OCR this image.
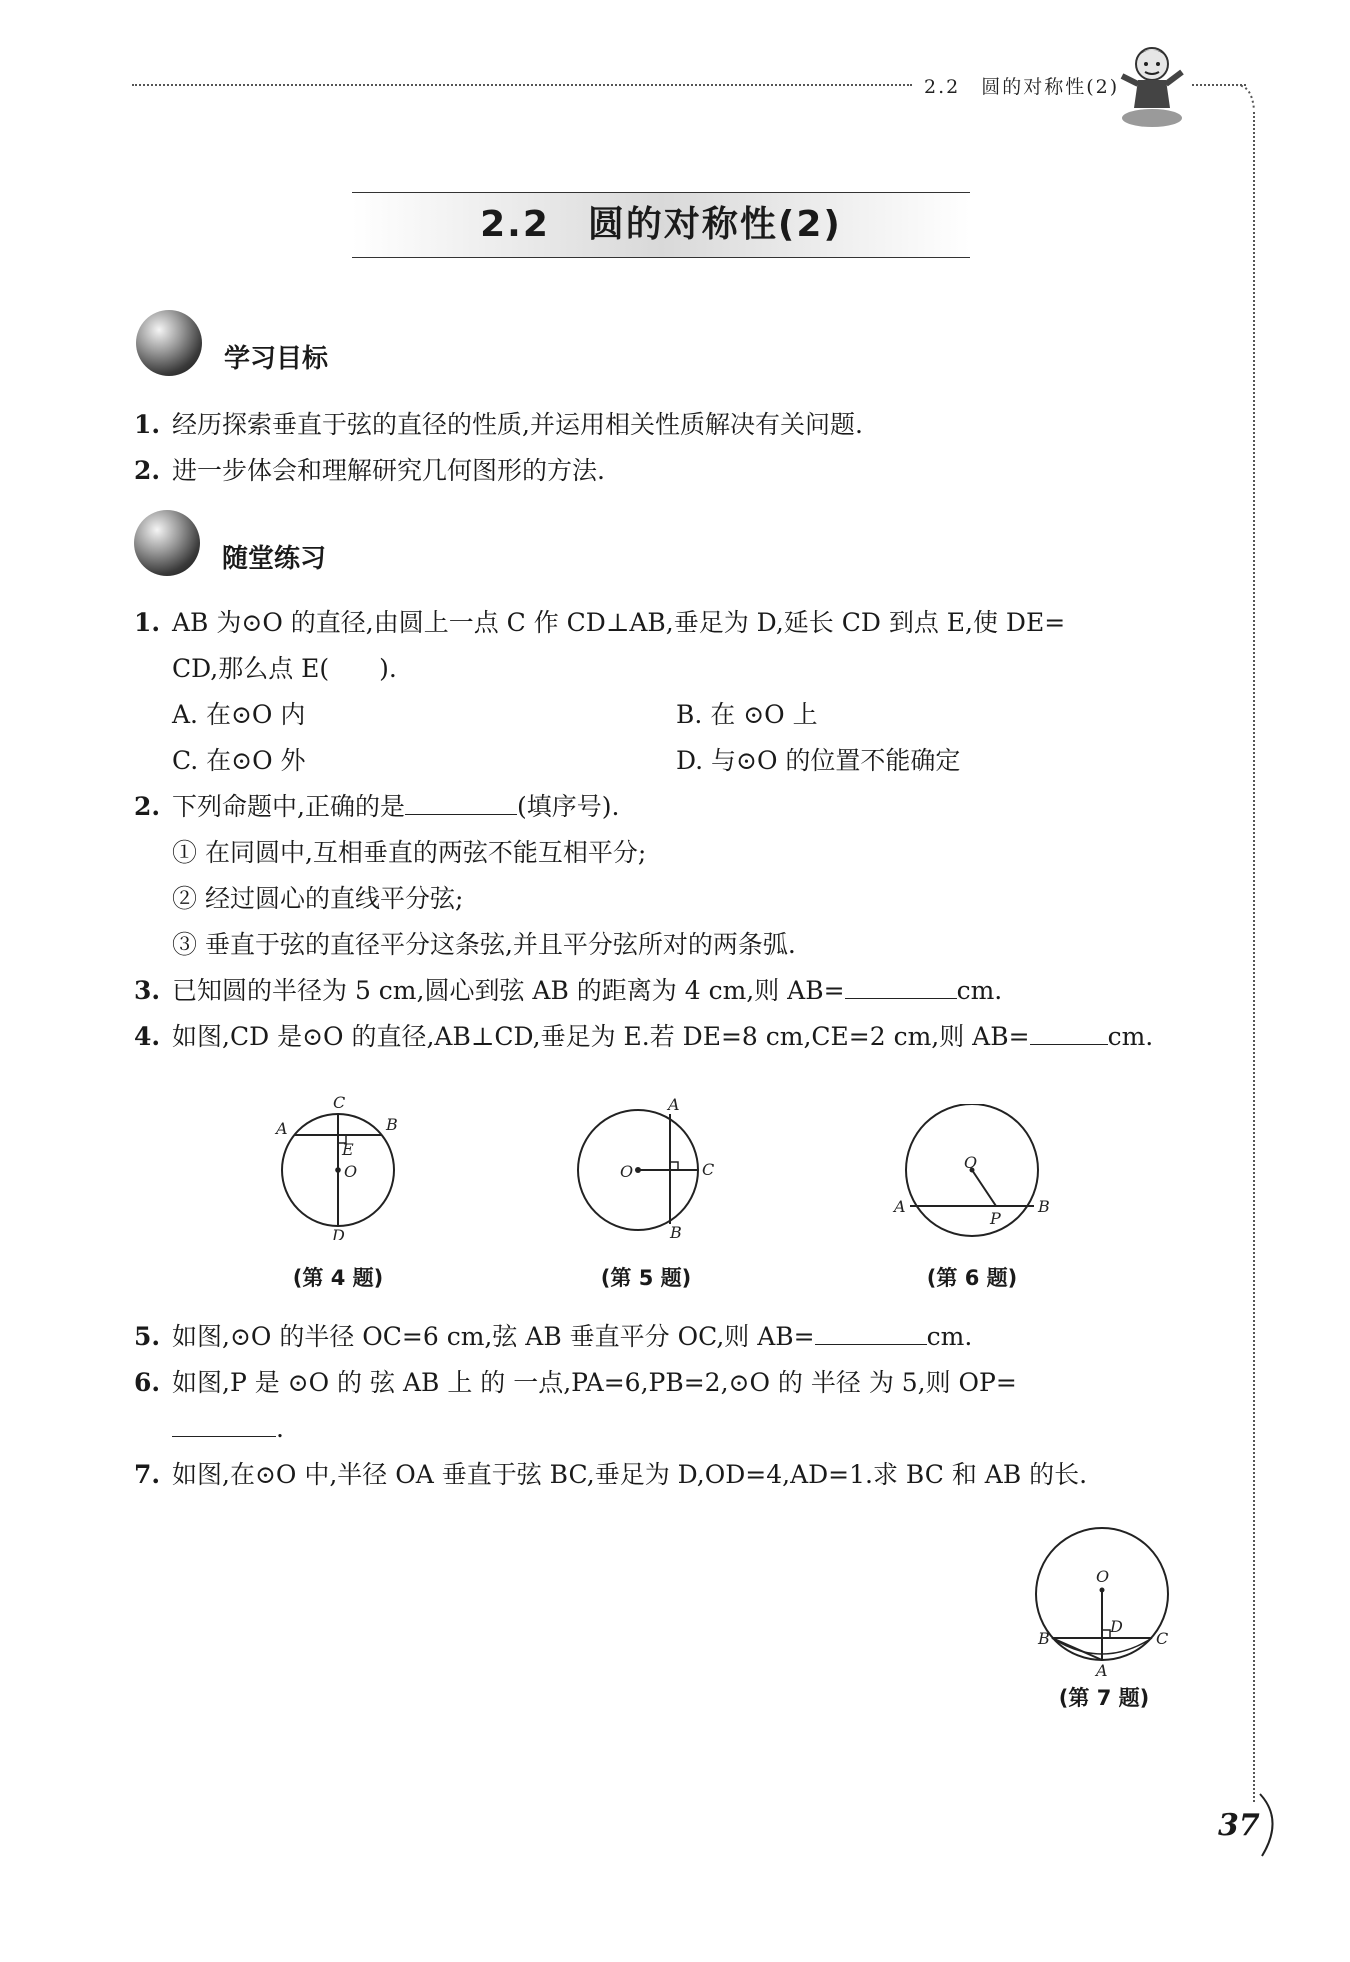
2.2　圆的对称性(2)
2.2　圆的对称性(2)
学习目标
1. 经历探索垂直于弦的直径的性质,并运用相关性质解决有关问题.
2. 进一步体会和理解研究几何图形的方法.
随堂练习
1. AB 为⊙O 的直径,由圆上一点 C 作 CD⊥AB,垂足为 D,延长 CD 到点 E,使 DE=
CD,那么点 E(　　).
A. 在⊙O 内	B. 在 ⊙O 上
C. 在⊙O 外	D. 与⊙O 的位置不能确定
2. 下列命题中,正确的是	(填序号).
① 在同圆中,互相垂直的两弦不能互相平分;
② 经过圆心的直线平分弦;
③ 垂直于弦的直径平分这条弦,并且平分弦所对的两条弧.
3. 已知圆的半径为 5 cm,圆心到弦 AB 的距离为 4 cm,则 AB=	cm.
4. 如图,CD 是⊙O 的直径,AB⊥CD,垂足为 E.若 DE=8 cm,CE=2 cm,则 AB=	cm.
C
A	B
E
O
D
(第 4 题)
A
O	C
B
(第 5 题)
O
A
P
B
(第 6 题)
5. 如图,⊙O 的半径 OC=6 cm,弦 AB 垂直平分 OC,则 AB=	cm.
6. 如图,P 是 ⊙O 的 弦 AB 上 的 一点,PA=6,PB=2,⊙O 的 半径 为 5,则 OP=
.
7. 如图,在⊙O 中,半径 OA 垂直于弦 BC,垂足为 D,OD=4,AD=1.求 BC 和 AB 的长.
O
D
B	C
A
(第 7 题)
37
